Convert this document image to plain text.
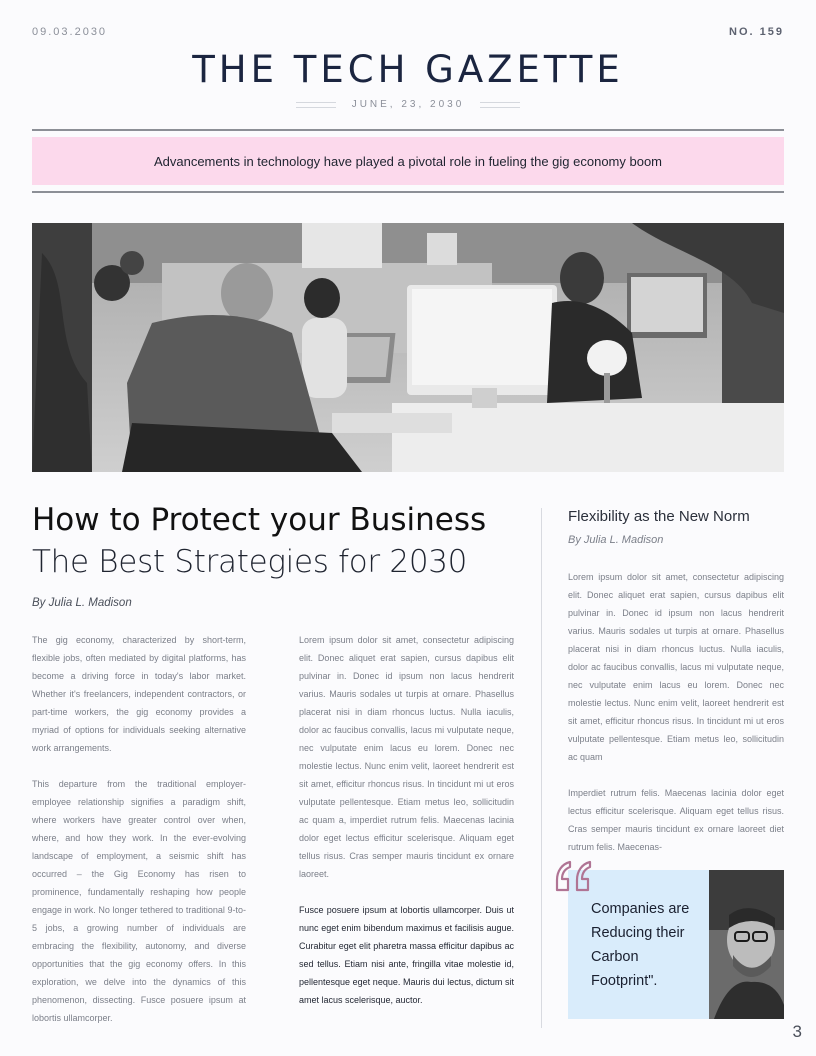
09.03.2030	NO. 159
THE TECH GAZETTE
JUNE, 23, 2030
Advancements in technology have played a pivotal role in fueling the gig economy boom
How to Protect your Business
The Best Strategies for 2030
By Julia L. Madison

The gig economy, characterized by short-term, flexible jobs, often mediated by digital platforms, has become a driving force in today's labor market. Whether it's freelancers, independent contractors, or part-time workers, the gig economy provides a myriad of options for individuals seeking alternative work arrangements.

This departure from the traditional employer-employee relationship signifies a paradigm shift, where workers have greater control over when, where, and how they work. In the ever-evolving landscape of employment, a seismic shift has occurred – the Gig Economy has risen to prominence, fundamentally reshaping how people engage in work. No longer tethered to traditional 9-to-5 jobs, a growing number of individuals are embracing the flexibility, autonomy, and diverse opportunities that the gig economy offers. In this exploration, we delve into the dynamics of this phenomenon, dissecting. Fusce posuere ipsum at lobortis ullamcorper.

Lorem ipsum dolor sit amet, consectetur adipiscing elit. Donec aliquet erat sapien, cursus dapibus elit pulvinar in. Donec id ipsum non lacus hendrerit varius. Mauris sodales ut turpis at ornare. Phasellus placerat nisi in diam rhoncus luctus. Nulla iaculis, dolor ac faucibus convallis, lacus mi vulputate neque, nec vulputate enim lacus eu lorem. Donec nec molestie lectus. Nunc enim velit, laoreet hendrerit est sit amet, efficitur rhoncus risus. In tincidunt mi ut eros vulputate pellentesque. Etiam metus leo, sollicitudin ac quam a, imperdiet rutrum felis. Maecenas lacinia dolor eget lectus efficitur scelerisque. Aliquam eget tellus risus. Cras semper mauris tincidunt ex ornare laoreet.

Fusce posuere ipsum at lobortis ullamcorper. Duis ut nunc eget enim bibendum maximus et facilisis augue. Curabitur eget elit pharetra massa efficitur dapibus ac sed tellus. Etiam nisi ante, fringilla vitae molestie id, pellentesque eget neque. Mauris dui lectus, dictum sit amet lacus scelerisque, auctor.

Flexibility as the New Norm
By Julia L. Madison

Lorem ipsum dolor sit amet, consectetur adipiscing elit. Donec aliquet erat sapien, cursus dapibus elit pulvinar in. Donec id ipsum non lacus hendrerit varius. Mauris sodales ut turpis at ornare. Phasellus placerat nisi in diam rhoncus luctus. Nulla iaculis, dolor ac faucibus convallis, lacus mi vulputate neque, nec vulputate enim lacus eu lorem. Donec nec molestie lectus. Nunc enim velit, laoreet hendrerit est sit amet, efficitur rhoncus risus. In tincidunt mi ut eros vulputate pellentesque. Etiam metus leo, sollicitudin ac quam

Imperdiet rutrum felis. Maecenas lacinia dolor eget lectus efficitur scelerisque. Aliquam eget tellus risus. Cras semper mauris tincidunt ex ornare laoreet diet rutrum felis. Maecenas-

Companies are Reducing their Carbon Footprint".
3
